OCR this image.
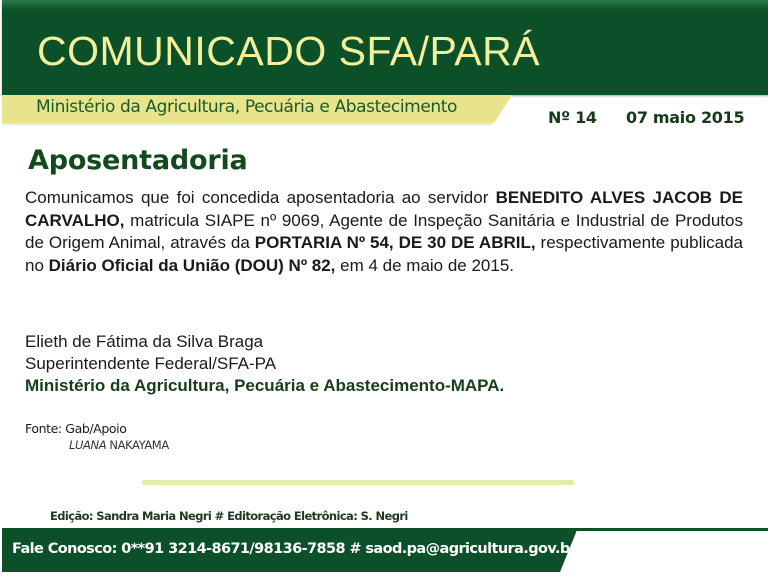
COMUNICADO SFA/PARÁ
Ministério da Agricultura, Pecuária e Abastecimento
Nº 14 07 maio 2015
Aposentadoria
Comunicamos que foi concedida aposentadoria ao servidor BENEDITO ALVES JACOB DE CARVALHO, matricula SIAPE nº 9069, Agente de Inspeção Sanitária e Industrial de Produtos de Origem Animal, através da PORTARIA Nº 54, DE 30 DE ABRIL, respectivamente publicada no Diário Oficial da União (DOU) Nº 82, em 4 de maio de 2015.
Elieth de Fátima da Silva Braga
Superintendente Federal/SFA-PA
Ministério da Agricultura, Pecuária e Abastecimento-MAPA.
Fonte: Gab/Apoio
LUANA NAKAYAMA
Edição: Sandra Maria Negri # Editoração Eletrônica: S. Negri
Fale Conosco: 0**91 3214-8671/98136-7858 # saod.pa@agricultura.gov.br
